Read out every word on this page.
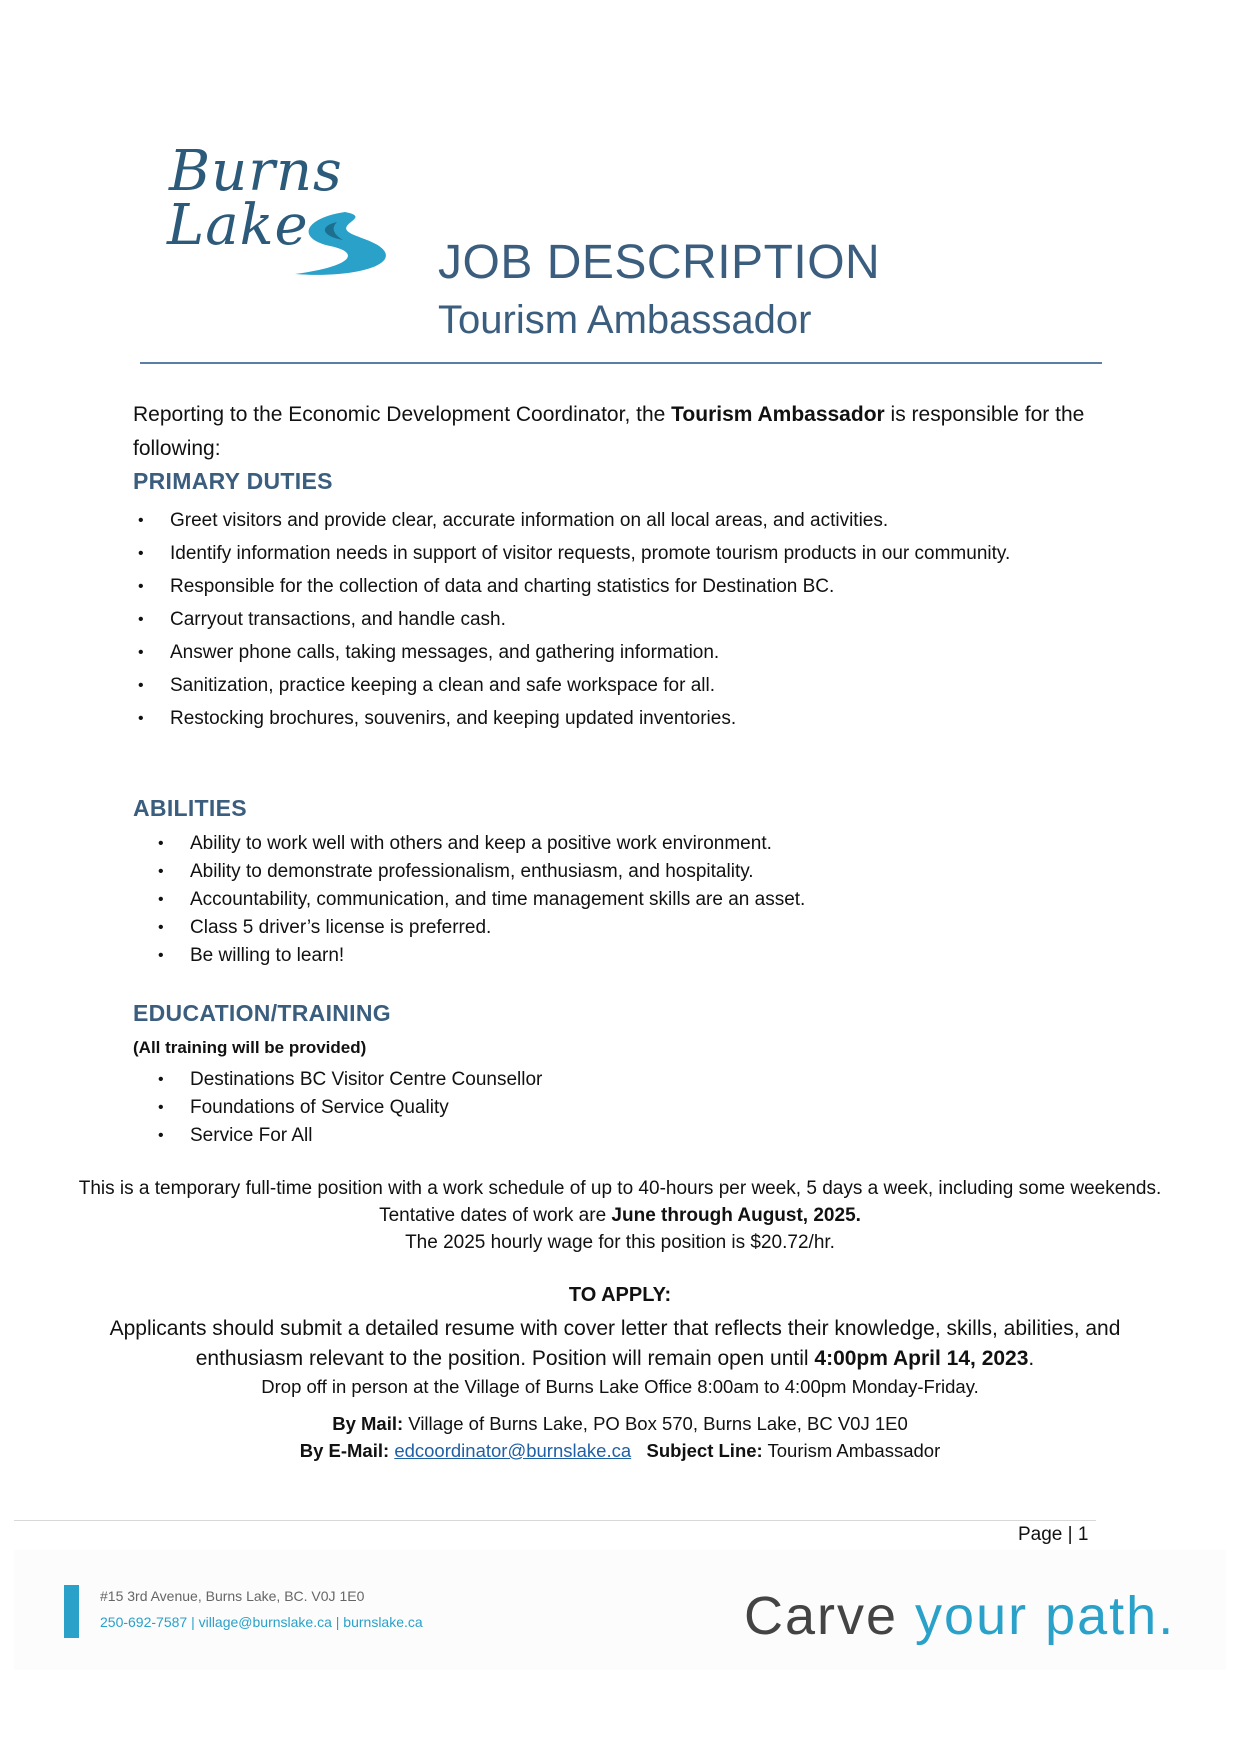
Burns
Lake
JOB DESCRIPTION
Tourism Ambassador
Reporting to the Economic Development Coordinator, the Tourism Ambassador is responsible for the following:
PRIMARY DUTIES
• Greet visitors and provide clear, accurate information on all local areas, and activities.
• Identify information needs in support of visitor requests, promote tourism products in our community.
• Responsible for the collection of data and charting statistics for Destination BC.
• Carryout transactions, and handle cash.
• Answer phone calls, taking messages, and gathering information.
• Sanitization, practice keeping a clean and safe workspace for all.
• Restocking brochures, souvenirs, and keeping updated inventories.
ABILITIES
• Ability to work well with others and keep a positive work environment.
• Ability to demonstrate professionalism, enthusiasm, and hospitality.
• Accountability, communication, and time management skills are an asset.
• Class 5 driver’s license is preferred.
• Be willing to learn!
EDUCATION/TRAINING
(All training will be provided)
• Destinations BC Visitor Centre Counsellor
• Foundations of Service Quality
• Service For All
This is a temporary full-time position with a work schedule of up to 40-hours per week, 5 days a week, including some weekends.
Tentative dates of work are June through August, 2025.
The 2025 hourly wage for this position is $20.72/hr.
TO APPLY:
Applicants should submit a detailed resume with cover letter that reflects their knowledge, skills, abilities, and enthusiasm relevant to the position. Position will remain open until 4:00pm April 14, 2023.
Drop off in person at the Village of Burns Lake Office 8:00am to 4:00pm Monday-Friday.
By Mail: Village of Burns Lake, PO Box 570, Burns Lake, BC V0J 1E0
By E-Mail: edcoordinator@burnslake.ca Subject Line: Tourism Ambassador
Page | 1
#15 3rd Avenue, Burns Lake, BC. V0J 1E0
250-692-7587 | village@burnslake.ca | burnslake.ca	Carve your path.
